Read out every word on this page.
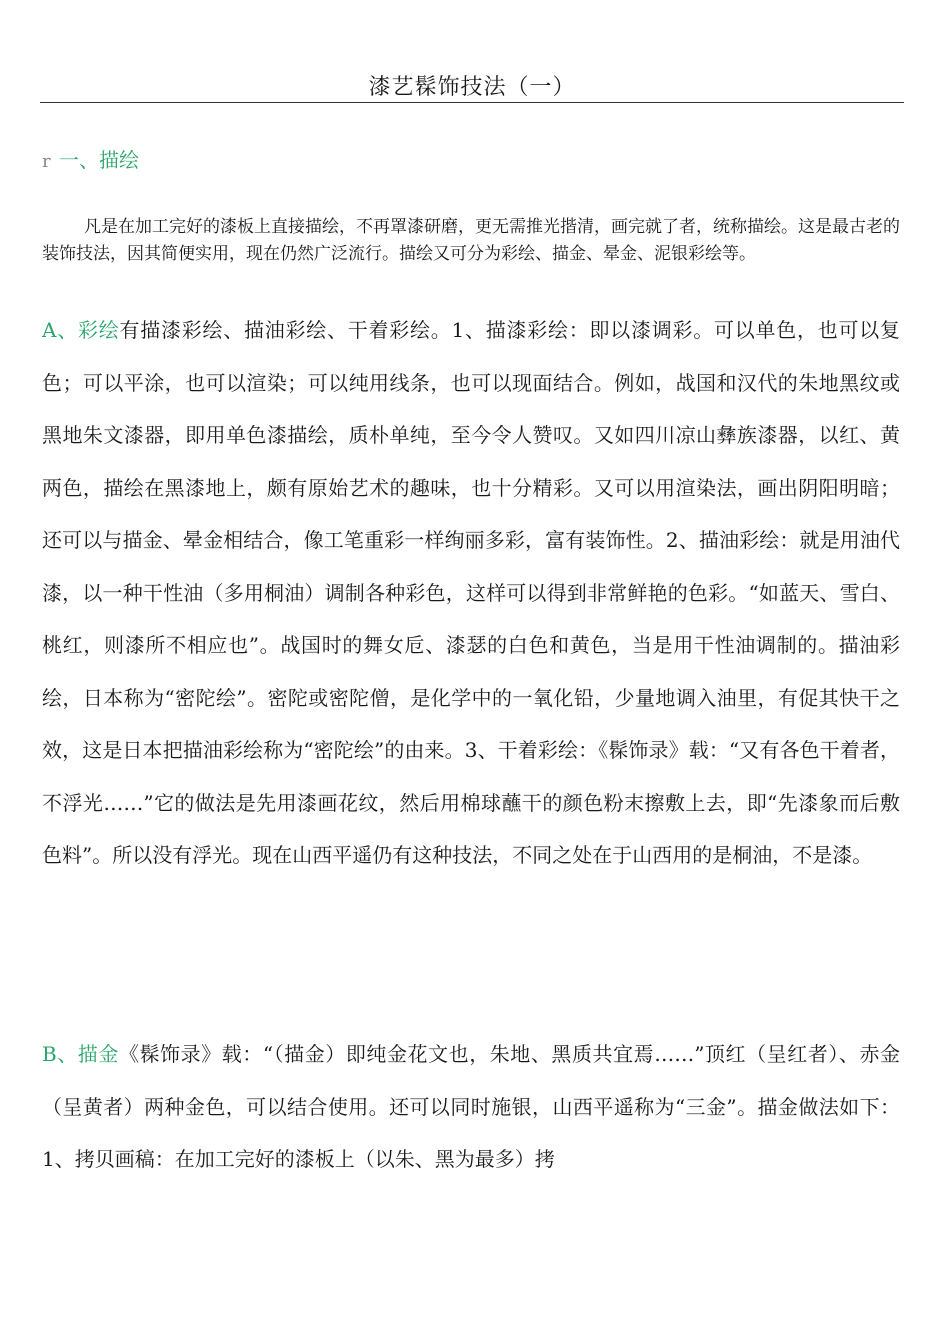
漆艺髹饰技法（一）
r 一、描绘

凡是在加工完好的漆板上直接描绘，不再罩漆研磨，更无需推光揩清，画完就了者，统称描绘。这是最古老的装饰技法，因其简便实用，现在仍然广泛流行。描绘又可分为彩绘、描金、晕金、泥银彩绘等。

A、彩绘有描漆彩绘、描油彩绘、干着彩绘。1、描漆彩绘：即以漆调彩。可以单色，也可以复色；可以平涂，也可以渲染；可以纯用线条，也可以现面结合。例如，战国和汉代的朱地黑纹或黑地朱文漆器，即用单色漆描绘，质朴单纯，至今令人赞叹。又如四川凉山彝族漆器，以红、黄两色，描绘在黑漆地上，颇有原始艺术的趣味，也十分精彩。又可以用渲染法，画出阴阳明暗；还可以与描金、晕金相结合，像工笔重彩一样绚丽多彩，富有装饰性。2、描油彩绘：就是用油代漆，以一种干性油（多用桐油）调制各种彩色，这样可以得到非常鲜艳的色彩。“如蓝天、雪白、桃红，则漆所不相应也”。战国时的舞女卮、漆瑟的白色和黄色，当是用干性油调制的。描油彩绘，日本称为“密陀绘”。密陀或密陀僧，是化学中的一氧化铅，少量地调入油里，有促其快干之效，这是日本把描油彩绘称为“密陀绘”的由来。3、干着彩绘：《髹饰录》载：“又有各色干着者，不浮光……”它的做法是先用漆画花纹，然后用棉球蘸干的颜色粉末擦敷上去，即“先漆象而后敷色料”。所以没有浮光。现在山西平遥仍有这种技法，不同之处在于山西用的是桐油，不是漆。

B、描金《髹饰录》载：“（描金）即纯金花文也，朱地、黑质共宜焉……”顶红（呈红者）、赤金（呈黄者）两种金色，可以结合使用。还可以同时施银，山西平遥称为“三金”。描金做法如下：1、拷贝画稿：在加工完好的漆板上（以朱、黑为最多）拷
